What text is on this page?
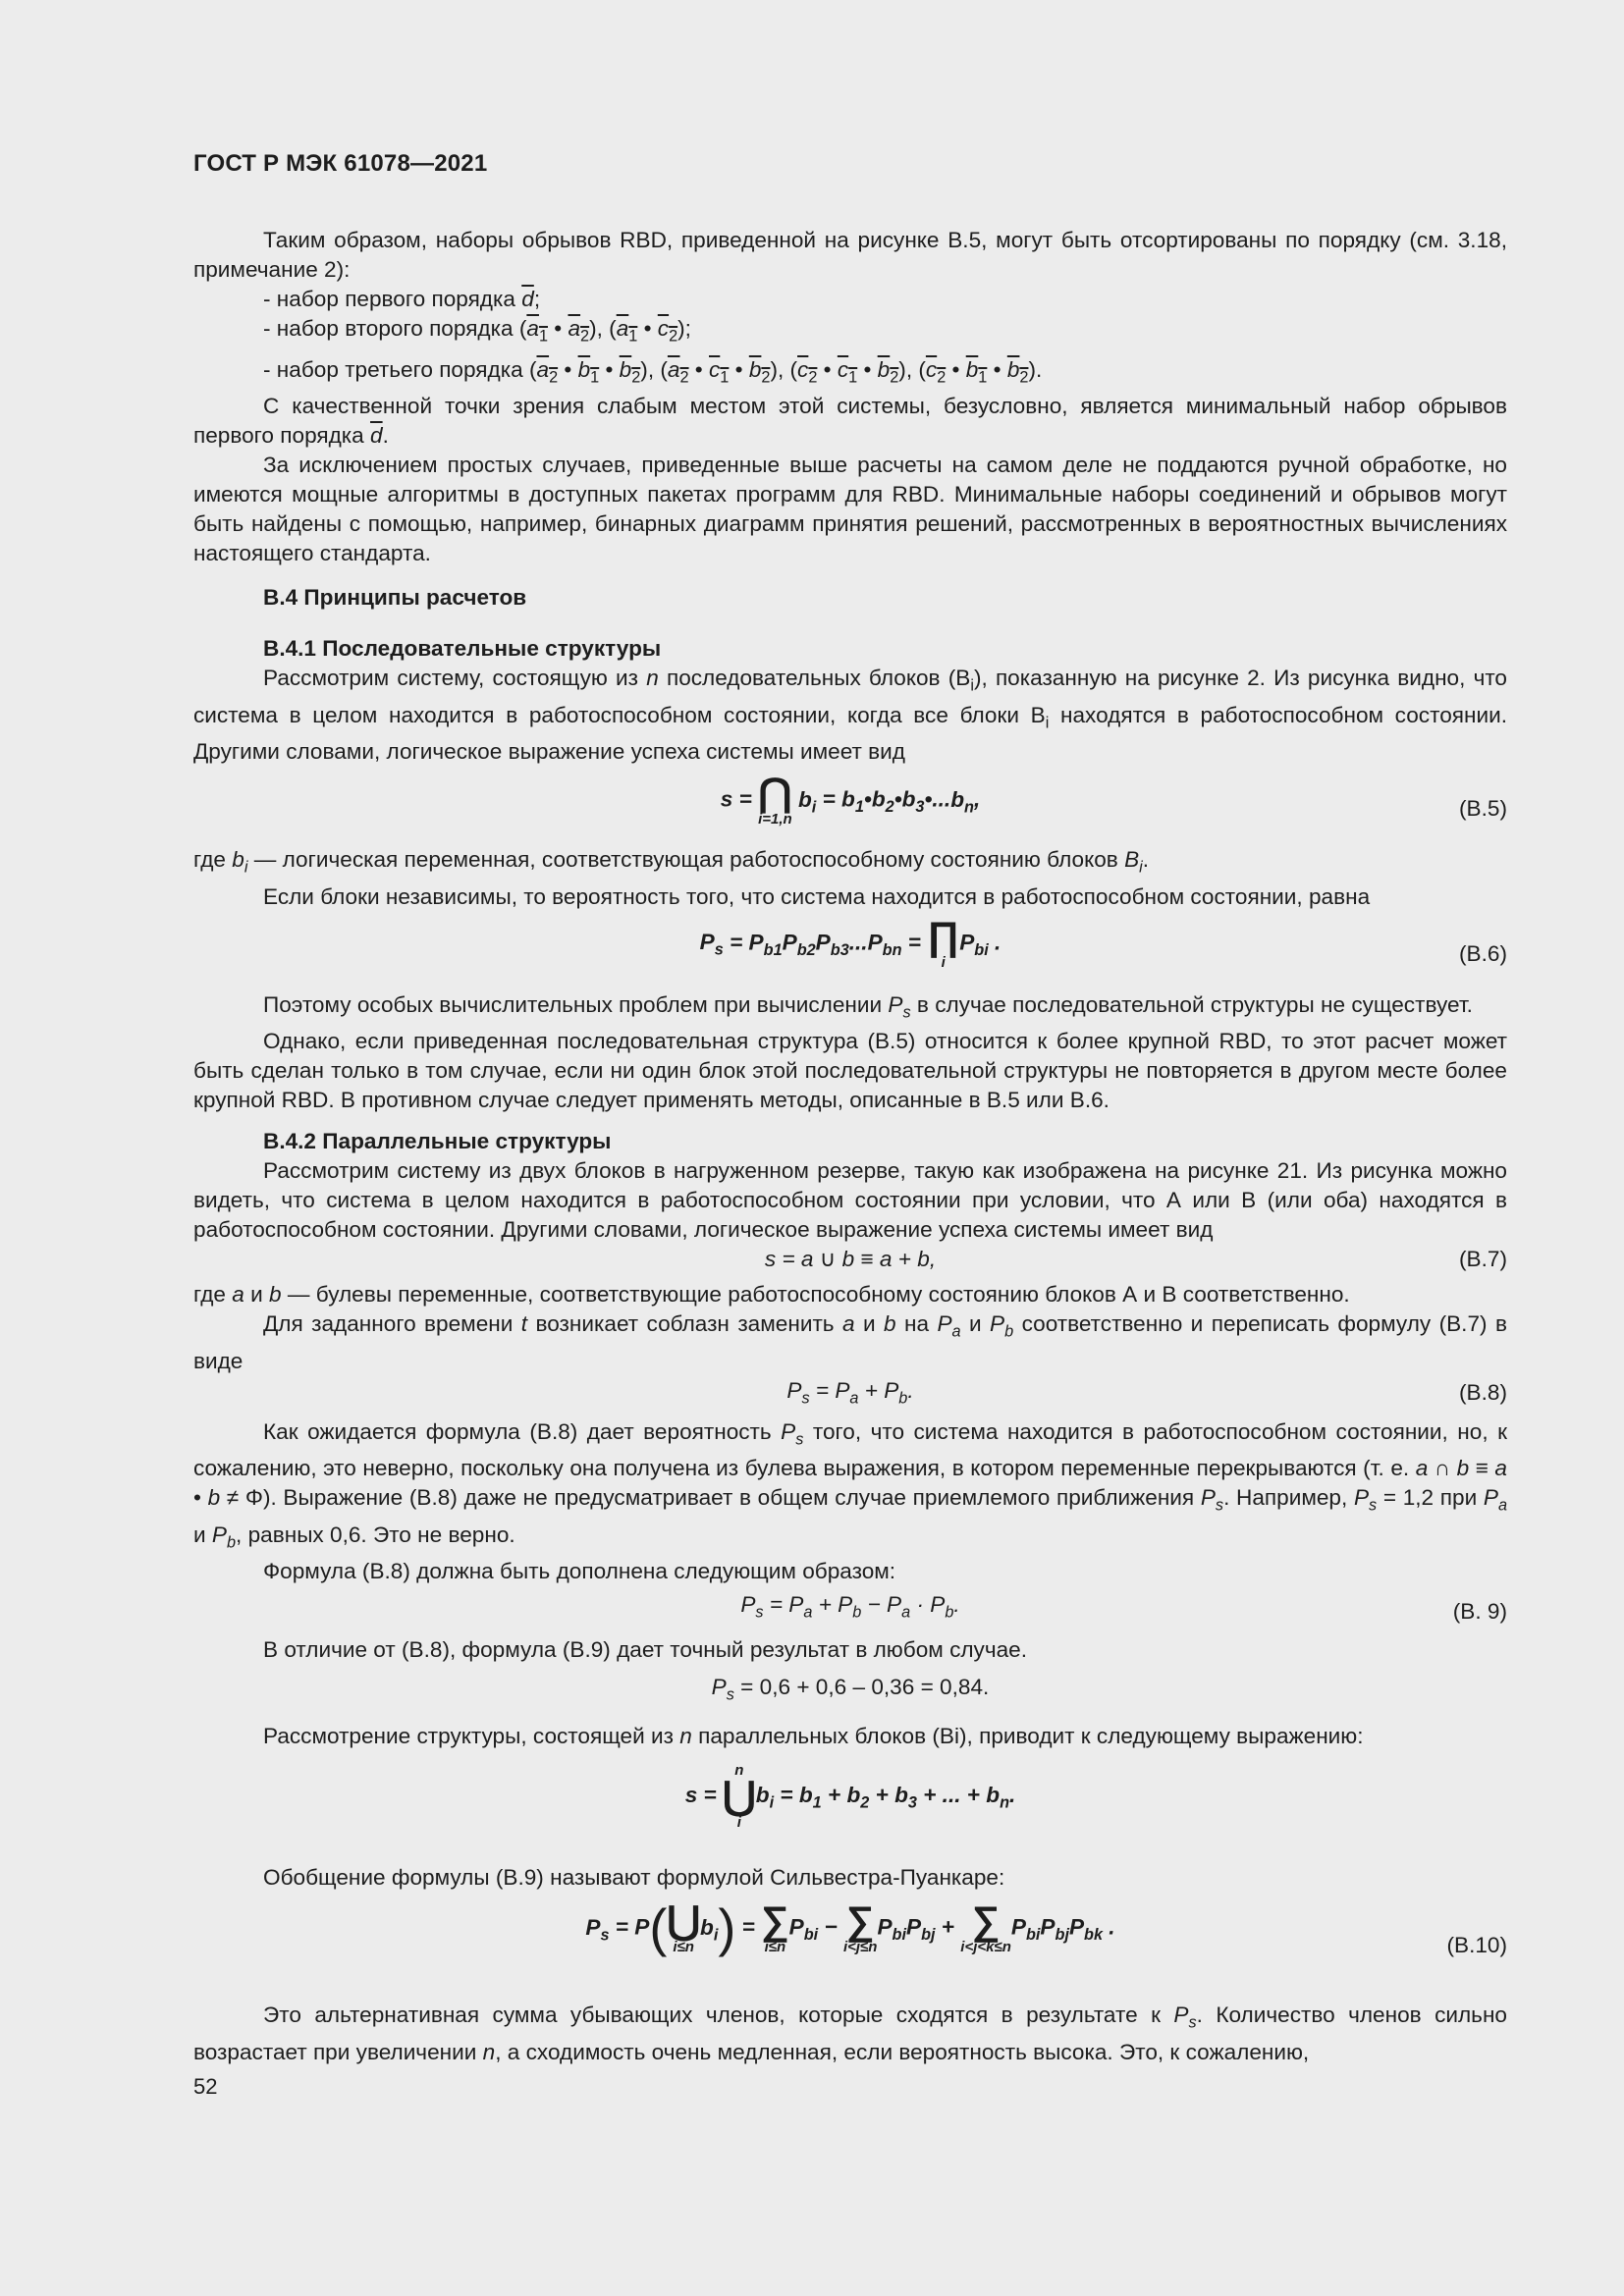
ГОСТ Р МЭК 61078—2021

Таким образом, наборы обрывов RBD, приведенной на рисунке В.5, могут быть отсортированы по порядку (см. 3.18, примечание 2):

- набор первого порядка $\overline{d}$;

- набор второго порядка ($a_1$ • $a_2$), ($a_1$ • $c_2$);

- набор третьего порядка ($a_2$ • $b_1$ • $b_2$), ($a_2$ • $c_1$ • $b_2$), ($c_2$ • $c_1$ • $b_2$), ($c_2$ • $b_1$ • $b_2$).

С качественной точки зрения слабым местом этой системы, безусловно, является минимальный набор обрывов первого порядка $\overline{d}$.

За исключением простых случаев, приведенные выше расчеты на самом деле не поддаются ручной обработке, но имеются мощные алгоритмы в доступных пакетах программ для RBD. Минимальные наборы соединений и обрывов могут быть найдены с помощью, например, бинарных диаграмм принятия решений, рассмотренных в вероятностных вычислениях настоящего стандарта.

В.4 Принципы расчетов

В.4.1 Последовательные структуры

Рассмотрим систему, состоящую из n последовательных блоков $(B_i)$, показанную на рисунке 2. Из рисунка видно, что система в целом находится в работоспособном состоянии, когда все блоки $B_i$ находятся в работоспособном состоянии. Другими словами, логическое выражение успеха системы имеет вид

s = ⋂
i=1,n
$b_i$ = $b_1•b_2•b_3•...b_n$,	(B.5)

где $b_i$ — логическая переменная, соответствующая работоспособному состоянию блоков $B_i$.

Если блоки независимы, то вероятность того, что система находится в работоспособном состоянии, равна

$P_s = P_{b1}P_{b2}P_{b3}...P_{bn}$ = ∏
i
$P_{bi}$ .	(B.6)

Поэтому особых вычислительных проблем при вычислении $P_s$ в случае последовательной структуры не существует.

Однако, если приведенная последовательная структура (В.5) относится к более крупной RBD, то этот расчет может быть сделан только в том случае, если ни один блок этой последовательной структуры не повторяется в другом месте более крупной RBD. В противном случае следует применять методы, описанные в В.5 или В.6.

В.4.2 Параллельные структуры

Рассмотрим систему из двух блоков в нагруженном резерве, такую как изображена на рисунке 21. Из рисунка можно видеть, что система в целом находится в работоспособном состоянии при условии, что А или В (или оба) находятся в работоспособном состоянии. Другими словами, логическое выражение успеха системы имеет вид

s = a ∪ b ≡ a + b,	(B.7)

где a и b — булевы переменные, соответствующие работоспособному состоянию блоков А и В соответственно.

Для заданного времени t возникает соблазн заменить a и b на $P_a$ и $P_b$ соответственно и переписать формулу (В.7) в виде

$P_s = P_a + P_b$.	(B.8)

Как ожидается формула (В.8) дает вероятность $P_s$ того, что система находится в работоспособном состоянии, но, к сожалению, это неверно, поскольку она получена из булева выражения, в котором переменные перекрываются (т. е. a ∩ b ≡ a • b ≠ Φ). Выражение (В.8) даже не предусматривает в общем случае приемлемого приближения $P_s$. Например, $P_s = 1,2$ при $P_a$ и $P_b$, равных 0,6. Это не верно.

Формула (В.8) должна быть дополнена следующим образом:

$P_s = P_a + P_b - P_a \cdot P_b$.	(B. 9)

В отличие от (В.8), формула (В.9) дает точный результат в любом случае.

$P_s = 0,6 + 0,6 - 0,36 = 0,84$.

Рассмотрение структуры, состоящей из n параллельных блоков (Bi), приводит к следующему выражению:

s =
n
⋃
i
$b_i = b_1 + b_2 + b_3$ + ... + $b_n$.

Обобщение формулы (В.9) называют формулой Сильвестра-Пуанкаре:

$P_s = P$( ⋃
i≤n
$b_i$) = ∑
i≤n
$P_{bi}$ − ∑
i<j≤n
$P_{bi}P_{bj}$ + ∑
i<j<k≤n
$P_{bi}P_{bj}P_{bk}$ .
(B.10)

Это альтернативная сумма убывающих членов, которые сходятся в результате к $P_s$. Количество членов сильно возрастает при увеличении n, а сходимость очень медленная, если вероятность высока. Это, к сожалению,

52
